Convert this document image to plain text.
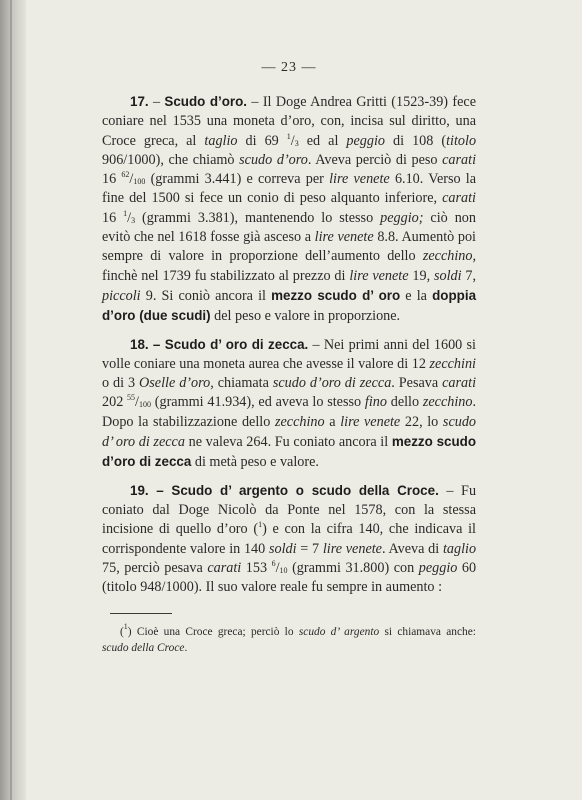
— 23 —

17. – Scudo d’oro. – Il Doge Andrea Gritti (1523-39) fece coniare nel 1535 una moneta d’oro, con, incisa sul diritto, una Croce greca, al taglio di 69 $^1/_3$ ed al peggio di 108 (titolo 906/1000), che chiamò scudo d’oro. Aveva perciò di peso carati 16 $^{62}/_{100}$ (grammi 3.441) e correva per lire venete 6.10. Verso la fine del 1500 si fece un conio di peso alquanto inferiore, carati 16 $^1/_3$ (grammi 3.381), mantenendo lo stesso peggio; ciò non evitò che nel 1618 fosse già asceso a lire venete 8.8. Aumentò poi sempre di valore in proporzione dell’aumento dello zecchino, finchè nel 1739 fu stabilizzato al prezzo di lire venete 19, soldi 7, piccoli 9. Si coniò ancora il mezzo scudo d’ oro e la doppia d’oro (due scudi) del peso e valore in proporzione.

18. – Scudo d’ oro di zecca. – Nei primi anni del 1600 si volle coniare una moneta aurea che avesse il valore di 12 zecchini o di 3 Oselle d’oro, chiamata scudo d’oro di zecca. Pesava carati 202 $^{55}/_{100}$ (grammi 41.934), ed aveva lo stesso fino dello zecchino. Dopo la stabilizzazione dello zecchino a lire venete 22, lo scudo d’ oro di zecca ne valeva 264. Fu coniato ancora il mezzo scudo d’oro di zecca di metà peso e valore.

19. – Scudo d’ argento o scudo della Croce. – Fu coniato dal Doge Nicolò da Ponte nel 1578, con la stessa incisione di quello d’oro ($^1$) e con la cifra 140, che indicava il corrispondente valore in 140 soldi = 7 lire venete. Aveva di taglio 75, perciò pesava carati 153 $^6/_{10}$ (grammi 31.800) con peggio 60 (titolo 948/1000). Il suo valore reale fu sempre in aumento :

($^1$) Cioè una Croce greca; perciò lo scudo d’ argento si chiamava anche: scudo della Croce.
